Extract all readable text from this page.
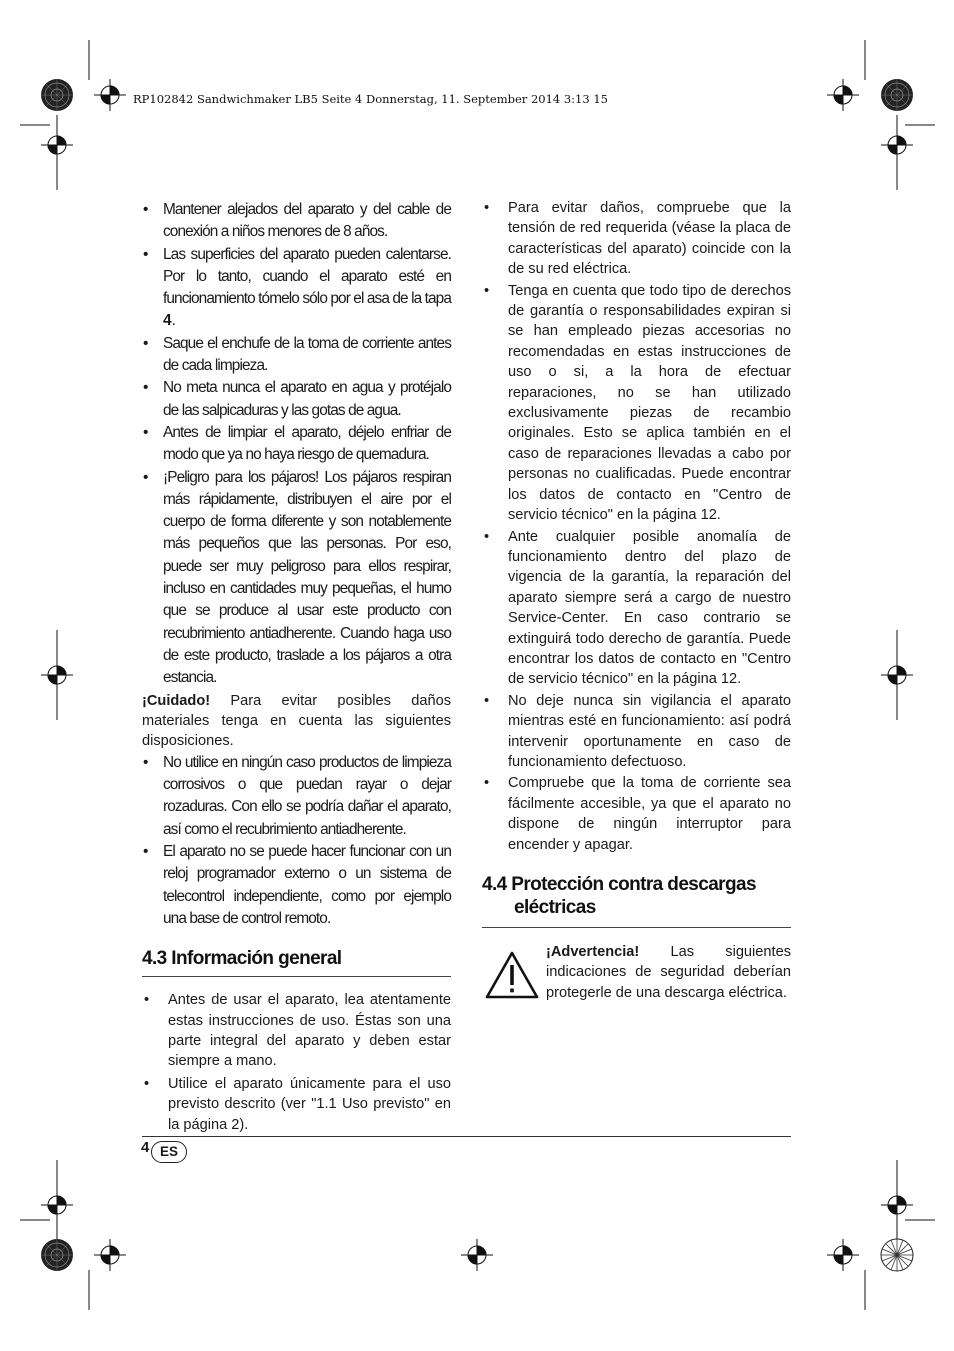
RP102842 Sandwichmaker LB5 Seite 4 Donnerstag, 11. September 2014 3:13 15
• Mantener alejados del aparato y del cable de conexión a niños menores de 8 años.
• Las superficies del aparato pueden calentarse. Por lo tanto, cuando el aparato esté en funcionamiento tómelo sólo por el asa de la tapa 4.
• Saque el enchufe de la toma de corriente antes de cada limpieza.
• No meta nunca el aparato en agua y protéjalo de las salpicaduras y las gotas de agua.
• Antes de limpiar el aparato, déjelo enfriar de modo que ya no haya riesgo de quemadura.
• ¡Peligro para los pájaros! Los pájaros respiran más rápidamente, distribuyen el aire por el cuerpo de forma diferente y son notablemente más pequeños que las personas. Por eso, puede ser muy peligroso para ellos respirar, incluso en cantidades muy pequeñas, el humo que se produce al usar este producto con recubrimiento antiadherente. Cuando haga uso de este producto, traslade a los pájaros a otra estancia.

¡Cuidado! Para evitar posibles daños materiales tenga en cuenta las siguientes disposiciones.

• No utilice en ningún caso productos de limpieza corrosivos o que puedan rayar o dejar rozaduras. Con ello se podría dañar el aparato, así como el recubrimiento antiadherente.
• El aparato no se puede hacer funcionar con un reloj programador externo o un sistema de telecontrol independiente, como por ejemplo una base de control remoto.
4.3 Información general
• Antes de usar el aparato, lea atentamente estas instrucciones de uso. Éstas son una parte integral del aparato y deben estar siempre a mano.
• Utilice el aparato únicamente para el uso previsto descrito (ver "1.1 Uso previsto" en la página 2).
• Para evitar daños, compruebe que la tensión de red requerida (véase la placa de características del aparato) coincide con la de su red eléctrica.
• Tenga en cuenta que todo tipo de derechos de garantía o responsabilidades expiran si se han empleado piezas accesorias no recomendadas en estas instrucciones de uso o si, a la hora de efectuar reparaciones, no se han utilizado exclusivamente piezas de recambio originales. Esto se aplica también en el caso de reparaciones llevadas a cabo por personas no cualificadas. Puede encontrar los datos de contacto en "Centro de servicio técnico" en la página 12.
• Ante cualquier posible anomalía de funcionamiento dentro del plazo de vigencia de la garantía, la reparación del aparato siempre será a cargo de nuestro Service-Center. En caso contrario se extinguirá todo derecho de garantía. Puede encontrar los datos de contacto en "Centro de servicio técnico" en la página 12.
• No deje nunca sin vigilancia el aparato mientras esté en funcionamiento: así podrá intervenir oportunamente en caso de funcionamiento defectuoso.
• Compruebe que la toma de corriente sea fácilmente accesible, ya que el aparato no dispone de ningún interruptor para encender y apagar.
4.4 Protección contra descargas
eléctricas

¡Advertencia! Las siguientes indicaciones de seguridad deberían protegerle de una descarga eléctrica.

4 ES
